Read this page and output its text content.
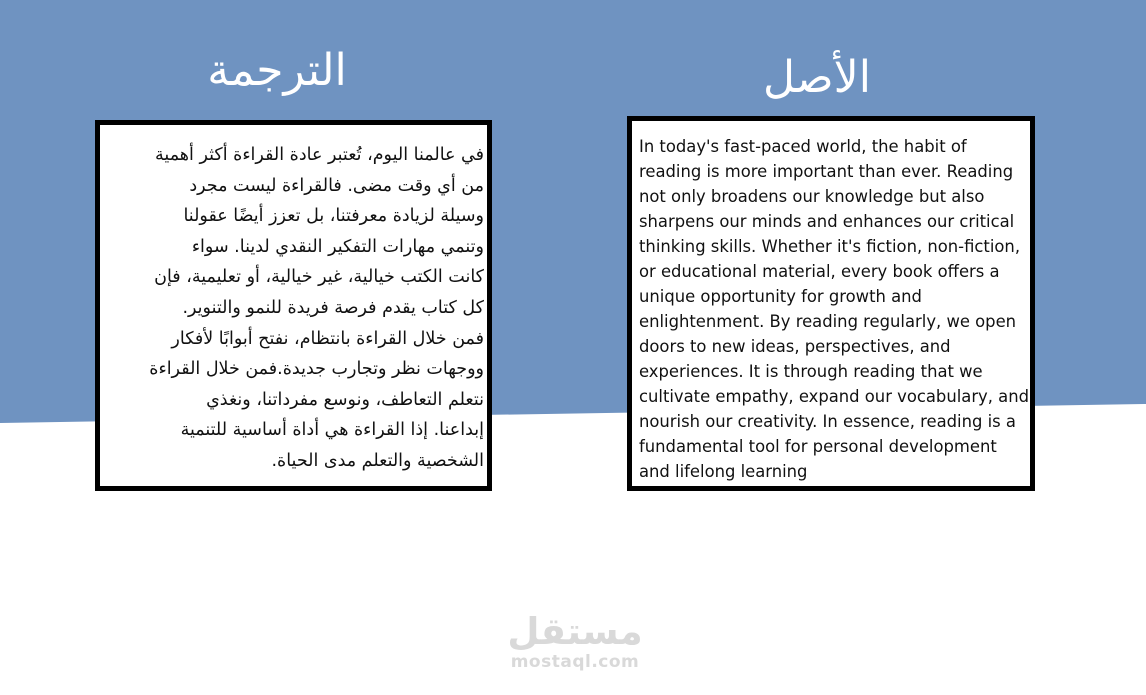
الترجمة	الأصل
في عالمنا اليوم، تُعتبر عادة القراءة أكثر أهمية
من أي وقت مضى. فالقراءة ليست مجرد
وسيلة لزيادة معرفتنا، بل تعزز أيضًا عقولنا
وتنمي مهارات التفكير النقدي لدينا. سواء
كانت الكتب خيالية، غير خيالية، أو تعليمية، فإن
كل كتاب يقدم فرصة فريدة للنمو والتنوير.
فمن خلال القراءة بانتظام، نفتح أبوابًا لأفكار
ووجهات نظر وتجارب جديدة.فمن خلال القراءة
نتعلم التعاطف، ونوسع مفرداتنا، ونغذي
إبداعنا. إذا القراءة هي أداة أساسية للتنمية
الشخصية والتعلم مدى الحياة.
In today's fast-paced world, the habit of
reading is more important than ever. Reading
not only broadens our knowledge but also
sharpens our minds and enhances our critical
thinking skills. Whether it's fiction, non-fiction,
or educational material, every book offers a
unique opportunity for growth and
enlightenment. By reading regularly, we open
doors to new ideas, perspectives, and
experiences. It is through reading that we
cultivate empathy, expand our vocabulary, and
nourish our creativity. In essence, reading is a
fundamental tool for personal development
and lifelong learning
مستقل
mostaql.com
